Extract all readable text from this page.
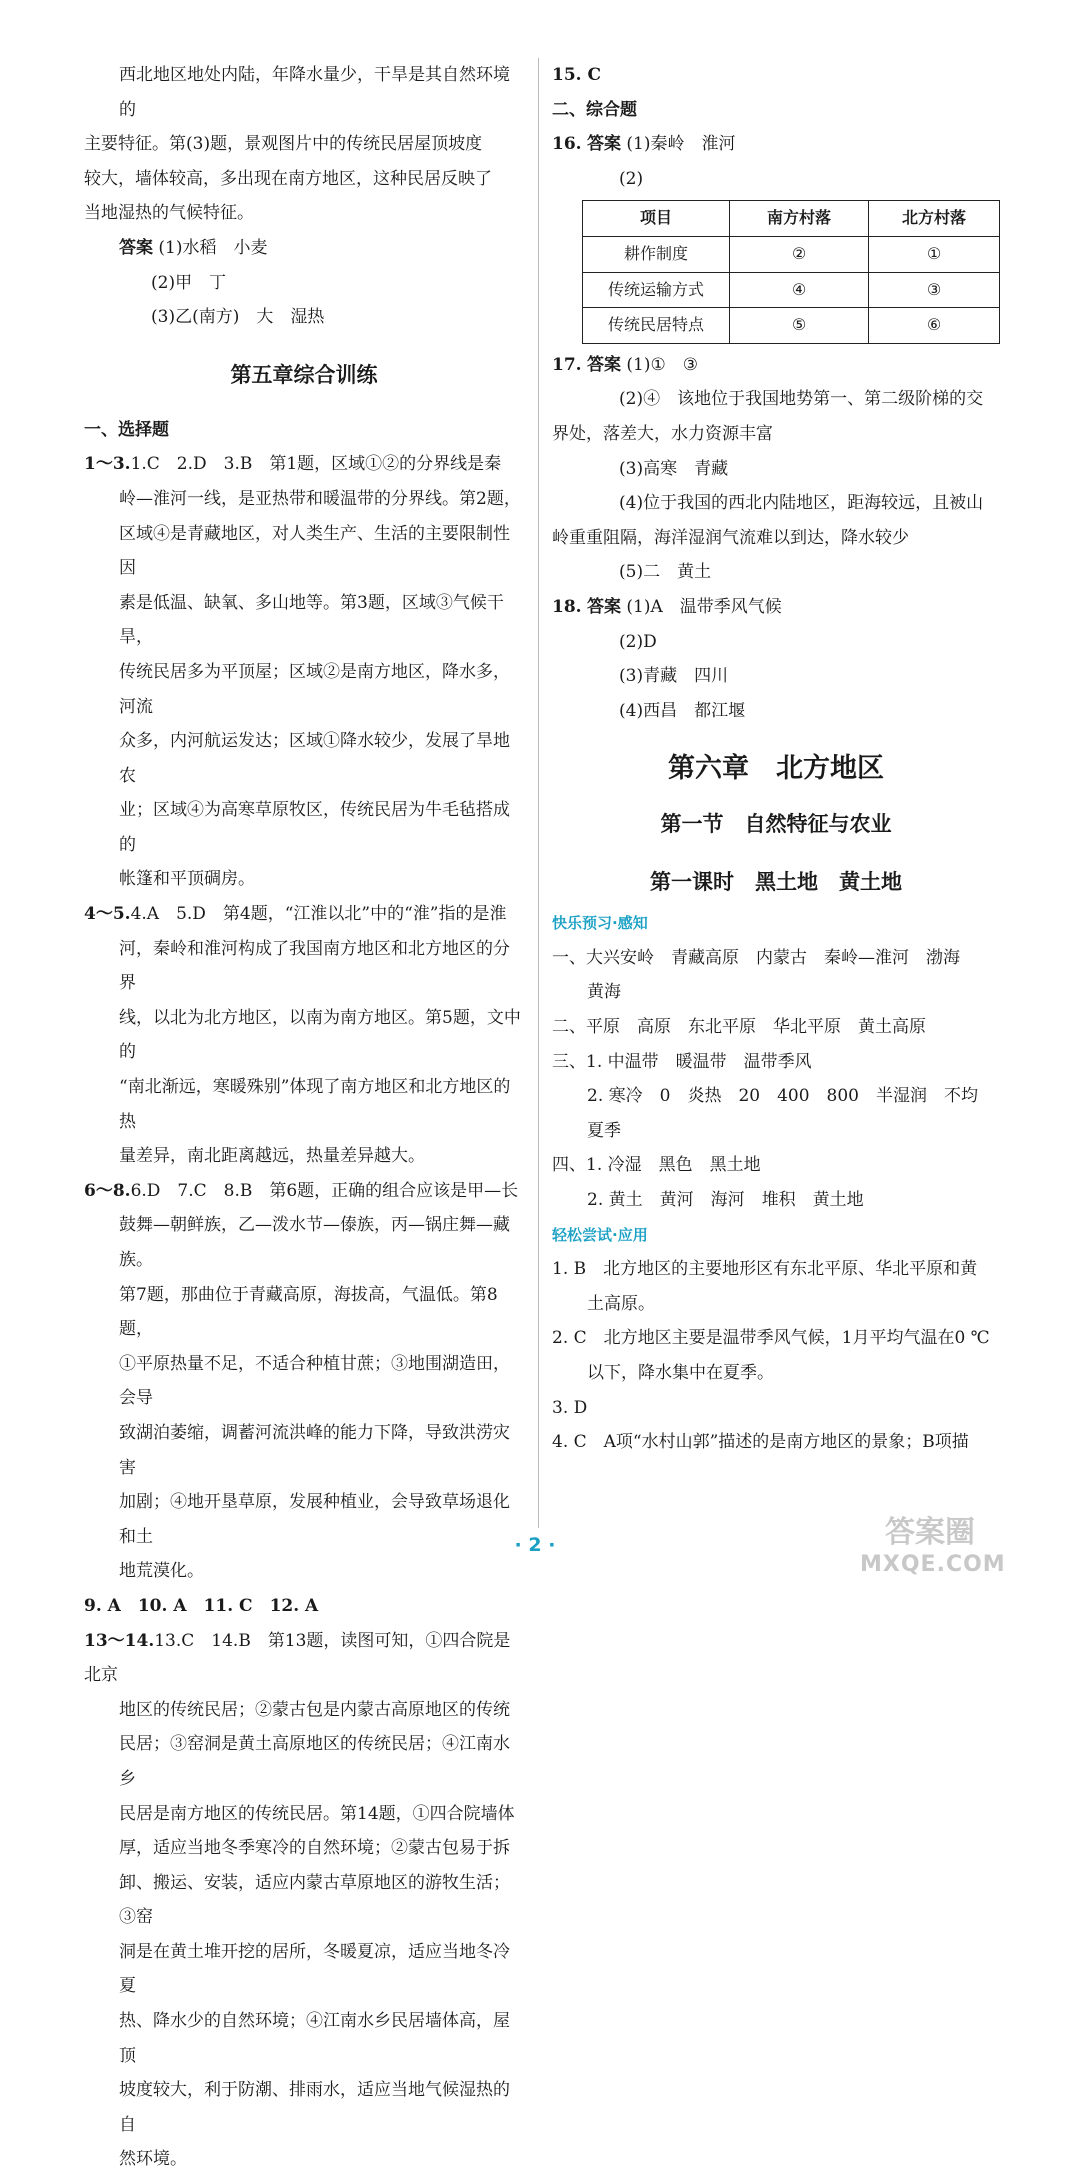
西北地区地处内陆，年降水量少，干旱是其自然环境的

主要特征。第(3)题，景观图片中的传统民居屋顶坡度

较大，墙体较高，多出现在南方地区，这种民居反映了

当地湿热的气候特征。

答案 (1)水稻　小麦

(2)甲　丁

(3)乙(南方)　大　湿热

第五章综合训练

一、选择题

1～3.1.C　2.D　3.B　第1题，区域①②的分界线是秦

岭—淮河一线，是亚热带和暖温带的分界线。第2题，

区域④是青藏地区，对人类生产、生活的主要限制性因

素是低温、缺氧、多山地等。第3题，区域③气候干旱，

传统民居多为平顶屋；区域②是南方地区，降水多，河流

众多，内河航运发达；区域①降水较少，发展了旱地农

业；区域④为高寒草原牧区，传统民居为牛毛毡搭成的

帐篷和平顶碉房。

4～5.4.A　5.D　第4题，“江淮以北”中的“淮”指的是淮

河，秦岭和淮河构成了我国南方地区和北方地区的分界

线，以北为北方地区，以南为南方地区。第5题，文中的

“南北渐远，寒暖殊别”体现了南方地区和北方地区的热

量差异，南北距离越远，热量差异越大。

6～8.6.D　7.C　8.B　第6题，正确的组合应该是甲—长

鼓舞—朝鲜族，乙—泼水节—傣族，丙—锅庄舞—藏族。

第7题，那曲位于青藏高原，海拔高，气温低。第8题，

①平原热量不足，不适合种植甘蔗；③地围湖造田，会导

致湖泊萎缩，调蓄河流洪峰的能力下降，导致洪涝灾害

加剧；④地开垦草原，发展种植业，会导致草场退化和土

地荒漠化。

9. A　10. A　11. C　12. A

13～14.13.C　14.B　第13题，读图可知，①四合院是北京

地区的传统民居；②蒙古包是内蒙古高原地区的传统

民居；③窑洞是黄土高原地区的传统民居；④江南水乡

民居是南方地区的传统民居。第14题，①四合院墙体

厚，适应当地冬季寒冷的自然环境；②蒙古包易于拆

卸、搬运、安装，适应内蒙古草原地区的游牧生活；③窑

洞是在黄土堆开挖的居所，冬暖夏凉，适应当地冬冷夏

热、降水少的自然环境；④江南水乡民居墙体高，屋顶

坡度较大，利于防潮、排雨水，适应当地气候湿热的自

然环境。

15. C

二、综合题

16. 答案 (1)秦岭　淮河

(2)

项目	南方村落	北方村落
耕作制度	②	①
传统运输方式	④	③
传统民居特点	⑤	⑥

17. 答案 (1)①　③

(2)④　该地位于我国地势第一、第二级阶梯的交

界处，落差大，水力资源丰富

(3)高寒　青藏

(4)位于我国的西北内陆地区，距海较远，且被山

岭重重阻隔，海洋湿润气流难以到达，降水较少

(5)二　黄土

18. 答案 (1)A　温带季风气候

(2)D

(3)青藏　四川

(4)西昌　都江堰

第六章　北方地区
第一节　自然特征与农业
第一课时　黑土地　黄土地

快乐预习·感知

一、大兴安岭　青藏高原　内蒙古　秦岭—淮河　渤海

黄海

二、平原　高原　东北平原　华北平原　黄土高原

三、1. 中温带　暖温带　温带季风

2. 寒冷　0　炎热　20　400　800　半湿润　不均

夏季

四、1. 冷湿　黑色　黑土地

2. 黄土　黄河　海河　堆积　黄土地

轻松尝试·应用

1. B　北方地区的主要地形区有东北平原、华北平原和黄

土高原。

2. C　北方地区主要是温带季风气候，1月平均气温在0 ℃

以下，降水集中在夏季。

3. D

4. C　A项“水村山郭”描述的是南方地区的景象；B项描

· 2 ·	答案圈
MXQE.COM
